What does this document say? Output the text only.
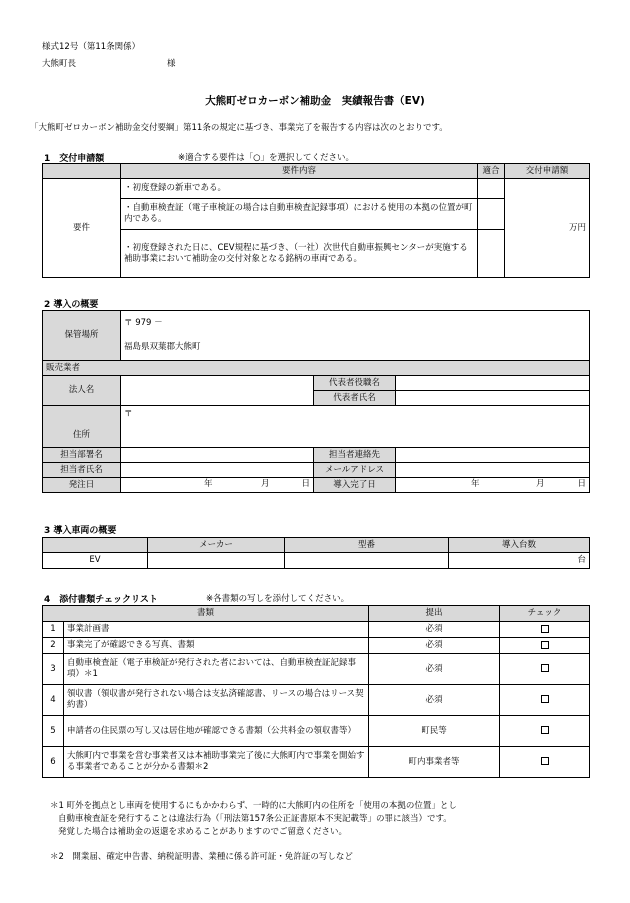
様式12号（第11条関係）
大熊町長	様
大熊町ゼロカーボン補助金　実績報告書（EV)
「大熊町ゼロカーボン補助金交付要綱」第11条の規定に基づき、事業完了を報告する内容は次のとおりです。
1　交付申請額	※適合する要件は「○」を選択してください。
	要件内容	適合	交付申請額
要件	・初度登録の新車である。		万円
	・自動車検査証（電子車検証の場合は自動車検査記録事項）における使用の本拠の位置が町内である。		
	・初度登録された日に、CEV規程に基づき、（一社）次世代自動車振興センターが実施する補助事業において補助金の交付対象となる銘柄の車両である。		
2 導入の概要
保管場所	〒 979 －		
	福島県双葉郡大熊町		
販売業者			
法人名		代表者役職名	
		代表者氏名	
住所	〒		
担当部署名		担当者連絡先	
担当者氏名		メールアドレス	
発注日	年 月 日	導入完了日	年 月 日
3 導入車両の概要
	メーカー	型番	導入台数
EV			台
4　添付書類チェックリスト	※各書類の写しを添付してください。
書類		提出	チェック
1	事業計画書	必須	
2	事業完了が確認できる写真、書類	必須	
3	自動車検査証（電子車検証が発行された者においては、自動車検査証記録事項）＊1	必須	
4	領収書（領収書が発行されない場合は支払済確認書、リースの場合はリース契約書）	必須	
5	申請者の住民票の写し又は居住地が確認できる書類（公共料金の領収書等）	町民等	
6	大熊町内で事業を営む事業者又は本補助事業完了後に大熊町内で事業を開始する事業者であることが分かる書類＊2	町内事業者等	
＊1 町外を拠点とし車両を使用するにもかかわらず、一時的に大熊町内の住所を「使用の本拠の位置」とし
自動車検査証を発行することは違法行為（「刑法第157条公正証書原本不実記載等」の罪に該当）です。
発覚した場合は補助金の返還を求めることがありますのでご留意ください。
＊2　開業届、確定申告書、納税証明書、業種に係る許可証・免許証の写しなど
